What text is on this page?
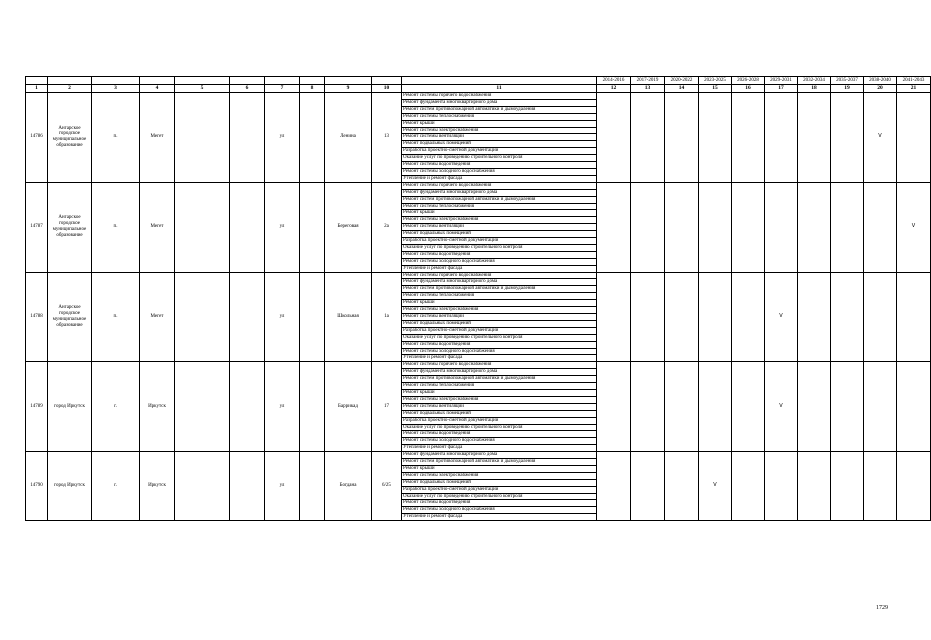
											2014-2016	2017-2019	2020-2022	2023-2025	2026-2028	2029-2031	2032-2034	2035-2037	2038-2040	2041-2043
1	2	3	4	5	6	7	8	9	10	11	12	13	14	15	16	17	18	19	20	21
14786	Ангарское городское муниципальное образование	п.	Мегет			ул		Ленина	13	Ремонт системы горячего водоснабжения									V	
										Ремонт фундамента многоквартирного дома										
										Ремонт систем противопожарной автоматики и дымоудаления										
										Ремонт системы теплоснабжения										
										Ремонт крыши										
										Ремонт системы электроснабжения										
										Ремонт системы вентиляции										
										Ремонт подвальных помещений										
										Разработка проектно-сметной документации										
										Оказание услуг по проведению строительного контроля										
										Ремонт системы водоотведения										
										Ремонт системы холодного водоснабжения										
										Утепление и ремонт фасада										
14787	Ангарское городское муниципальное образование	п.	Мегет			ул		Береговая	2а	Ремонт системы горячего водоснабжения										V
										Ремонт фундамента многоквартирного дома										
										Ремонт систем противопожарной автоматики и дымоудаления										
										Ремонт системы теплоснабжения										
										Ремонт крыши										
										Ремонт системы электроснабжения										
										Ремонт системы вентиляции										
										Ремонт подвальных помещений										
										Разработка проектно-сметной документации										
										Оказание услуг по проведению строительного контроля										
										Ремонт системы водоотведения										
										Ремонт системы холодного водоснабжения										
										Утепление и ремонт фасада										
14788	Ангарское городское муниципальное образование	п.	Мегет			ул		Школьная	1а	Ремонт системы горячего водоснабжения						V				
										Ремонт фундамента многоквартирного дома										
										Ремонт систем противопожарной автоматики и дымоудаления										
										Ремонт системы теплоснабжения										
										Ремонт крыши										
										Ремонт системы электроснабжения										
										Ремонт системы вентиляции										
										Ремонт подвальных помещений										
										Разработка проектно-сметной документации										
										Оказание услуг по проведению строительного контроля										
										Ремонт системы водоотведения										
										Ремонт системы холодного водоснабжения										
										Утепление и ремонт фасада										
14789	город Иркутск	г.	Иркутск			ул		Баррикад	17	Ремонт системы горячего водоснабжения						V				
										Ремонт фундамента многоквартирного дома										
										Ремонт систем противопожарной автоматики и дымоудаления										
										Ремонт системы теплоснабжения										
										Ремонт крыши										
										Ремонт системы электроснабжения										
										Ремонт системы вентиляции										
										Ремонт подвальных помещений										
										Разработка проектно-сметной документации										
										Оказание услуг по проведению строительного контроля										
										Ремонт системы водоотведения										
										Ремонт системы холодного водоснабжения										
										Утепление и ремонт фасада										
14790	город Иркутск	г.	Иркутск			ул		Богдана	6/25	Ремонт фундамента многоквартирного дома				V						
										Ремонт систем противопожарной автоматики и дымоудаления										
										Ремонт крыши										
										Ремонт системы электроснабжения										
										Ремонт подвальных помещений										
										Разработка проектно-сметной документации										
										Оказание услуг по проведению строительного контроля										
										Ремонт системы водоотведения										
										Ремонт системы холодного водоснабжения										
										Утепление и ремонт фасада										
1729
